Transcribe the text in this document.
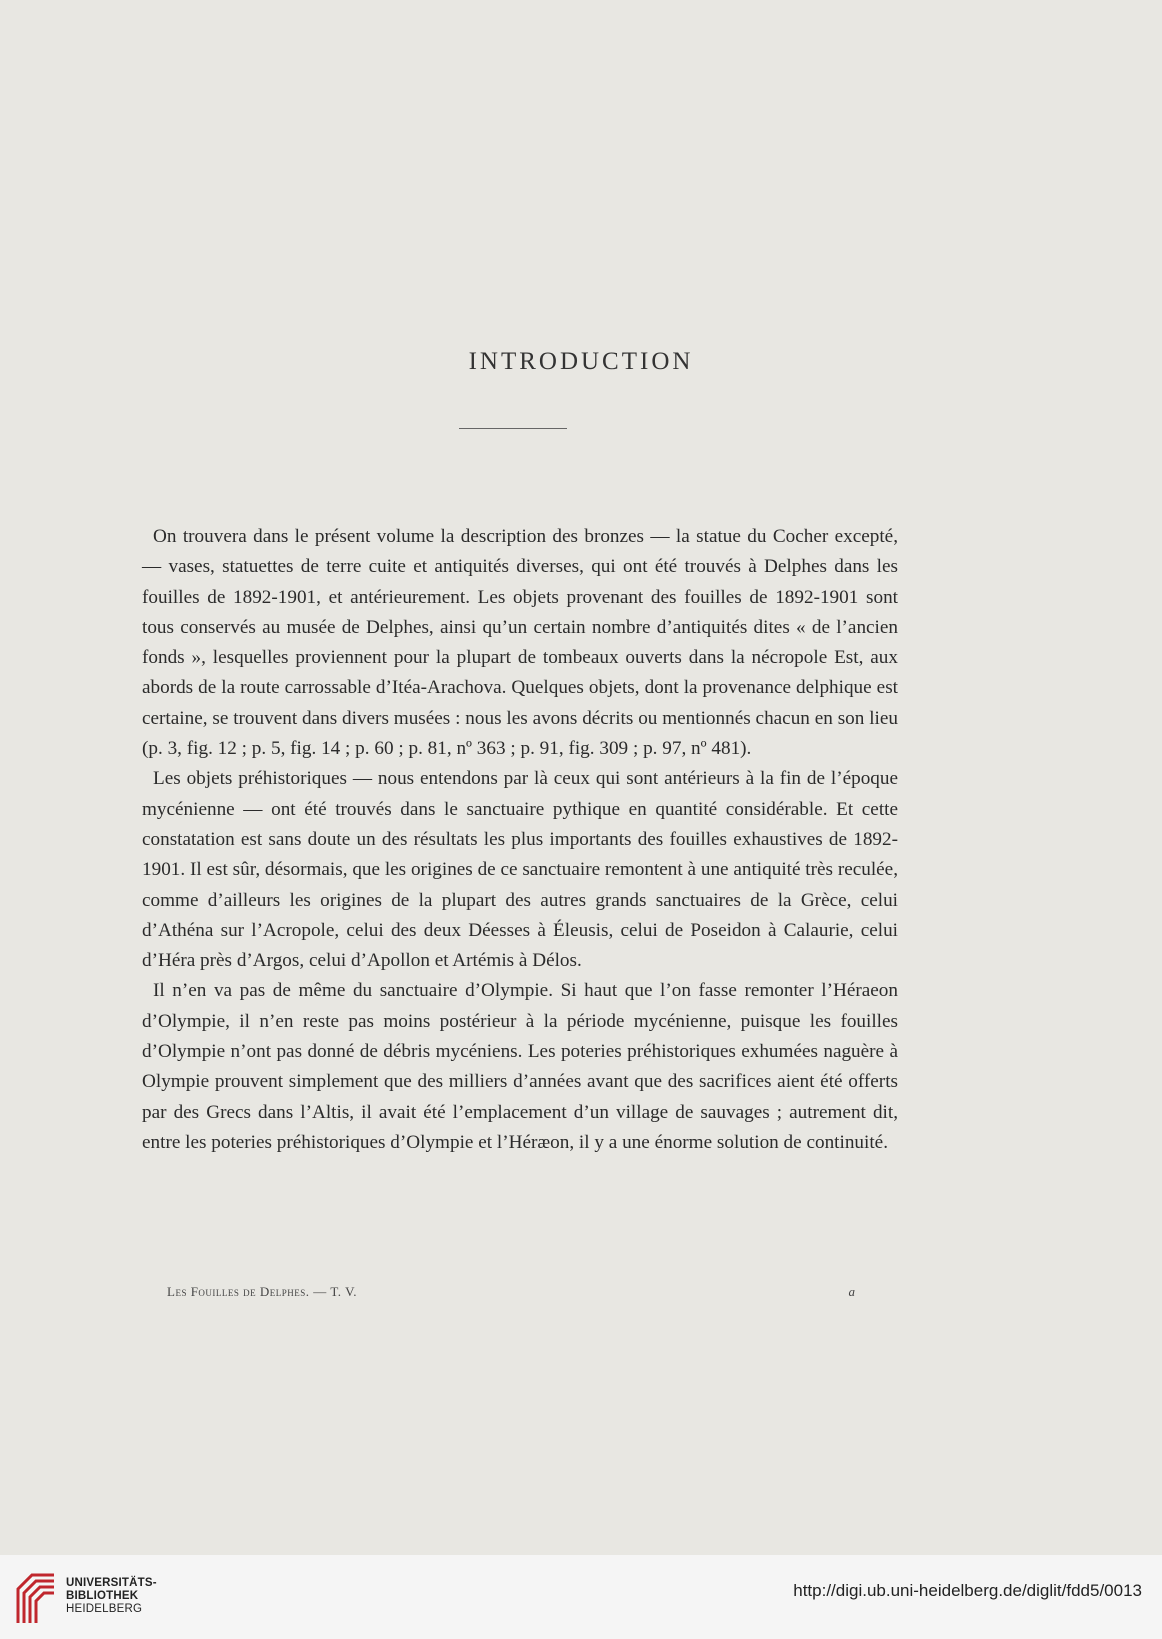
INTRODUCTION

On trouvera dans le présent volume la description des bronzes — la statue du Cocher excepté, — vases, statuettes de terre cuite et antiquités diverses, qui ont été trouvés à Delphes dans les fouilles de 1892-1901, et antérieurement. Les objets provenant des fouilles de 1892-1901 sont tous conservés au musée de Delphes, ainsi qu’un certain nombre d’antiquités dites « de l’ancien fonds », lesquelles proviennent pour la plupart de tombeaux ouverts dans la nécropole Est, aux abords de la route carrossable d’Itéa-Arachova. Quelques objets, dont la provenance delphique est certaine, se trouvent dans divers musées : nous les avons décrits ou mentionnés chacun en son lieu (p. 3, fig. 12 ; p. 5, fig. 14 ; p. 60 ; p. 81, nº 363 ; p. 91, fig. 309 ; p. 97, nº 481).

Les objets préhistoriques — nous entendons par là ceux qui sont antérieurs à la fin de l’époque mycénienne — ont été trouvés dans le sanctuaire pythique en quantité considérable. Et cette constatation est sans doute un des résultats les plus importants des fouilles exhaustives de 1892-1901. Il est sûr, désormais, que les origines de ce sanctuaire remontent à une antiquité très reculée, comme d’ailleurs les origines de la plupart des autres grands sanctuaires de la Grèce, celui d’Athéna sur l’Acropole, celui des deux Déesses à Éleusis, celui de Poseidon à Calaurie, celui d’Héra près d’Argos, celui d’Apollon et Artémis à Délos.

Il n’en va pas de même du sanctuaire d’Olympie. Si haut que l’on fasse remonter l’Héraeon d’Olympie, il n’en reste pas moins postérieur à la période mycénienne, puisque les fouilles d’Olympie n’ont pas donné de débris mycéniens. Les poteries préhistoriques exhumées naguère à Olympie prouvent simplement que des milliers d’années avant que des sacrifices aient été offerts par des Grecs dans l’Altis, il avait été l’emplacement d’un village de sauvages ; autrement dit, entre les poteries préhistoriques d’Olympie et l’Héræon, il y a une énorme solution de continuité.

Les Fouilles de Delphes. — T. V.	a
UNIVERSITÄTS-
BIBLIOTHEK
HEIDELBERG
http://digi.ub.uni-heidelberg.de/diglit/fdd5/0013
